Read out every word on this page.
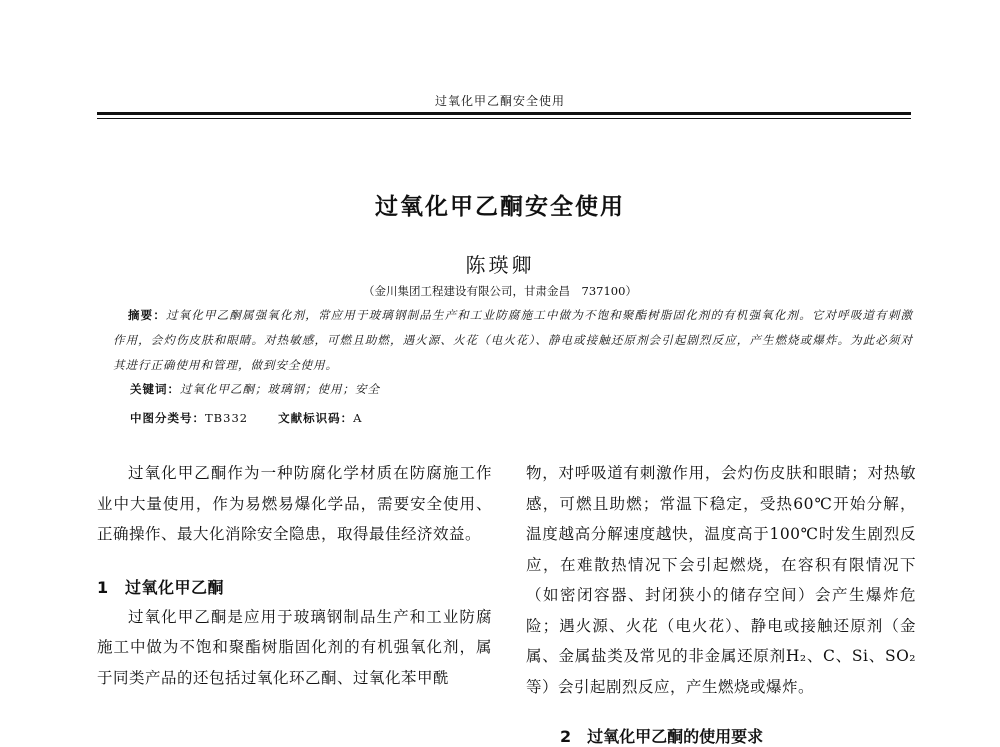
过氧化甲乙酮安全使用
过氧化甲乙酮安全使用
陈瑛卿
（金川集团工程建设有限公司，甘肃金昌　737100）
摘要：过氧化甲乙酮属强氧化剂，常应用于玻璃钢制品生产和工业防腐施工中做为不饱和聚酯树脂固化剂的有机强氧化剂。它对呼吸道有刺激作用，会灼伤皮肤和眼睛。对热敏感，可燃且助燃，遇火源、火花（电火花）、静电或接触还原剂会引起剧烈反应，产生燃烧或爆炸。为此必须对其进行正确使用和管理，做到安全使用。
关键词：过氧化甲乙酮；玻璃钢；使用；安全
中图分类号：TB332	文献标识码：A

过氧化甲乙酮作为一种防腐化学材质在防腐施工作业中大量使用，作为易燃易爆化学品，需要安全使用、正确操作、最大化消除安全隐患，取得最佳经济效益。

1 过氧化甲乙酮

过氧化甲乙酮是应用于玻璃钢制品生产和工业防腐施工中做为不饱和聚酯树脂固化剂的有机强氧化剂，属于同类产品的还包括过氧化环乙酮、过氧化苯甲酰

物，对呼吸道有刺激作用，会灼伤皮肤和眼睛；对热敏感，可燃且助燃；常温下稳定，受热60℃开始分解，温度越高分解速度越快，温度高于100℃时发生剧烈反应，在难散热情况下会引起燃烧，在容积有限情况下（如密闭容器、封闭狭小的储存空间）会产生爆炸危险；遇火源、火花（电火花）、静电或接触还原剂（金属、金属盐类及常见的非金属还原剂H₂、C、Si、SO₂等）会引起剧烈反应，产生燃烧或爆炸。

2　过氧化甲乙酮的使用要求
